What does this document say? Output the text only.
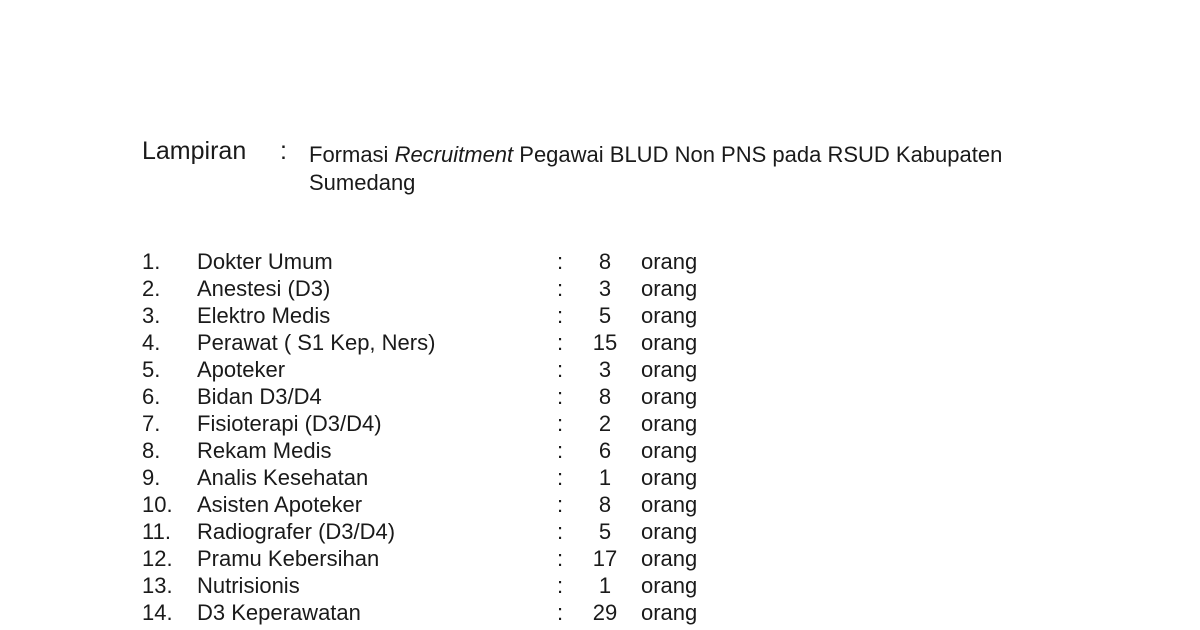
Lampiran : Formasi Recruitment Pegawai BLUD Non PNS pada RSUD Kabupaten Sumedang
1. Dokter Umum	:	8	orang
2. Anestesi (D3)	:	3	orang
3. Elektro Medis	:	5	orang
4. Perawat ( S1 Kep, Ners)	:	15	orang
5. Apoteker	:	3	orang
6. Bidan D3/D4	:	8	orang
7. Fisioterapi (D3/D4)	:	2	orang
8. Rekam Medis	:	6	orang
9. Analis Kesehatan	:	1	orang
10. Asisten Apoteker	:	8	orang
11. Radiografer (D3/D4)	:	5	orang
12. Pramu Kebersihan	:	17	orang
13. Nutrisionis	:	1	orang
14. D3 Keperawatan	:	29	orang
